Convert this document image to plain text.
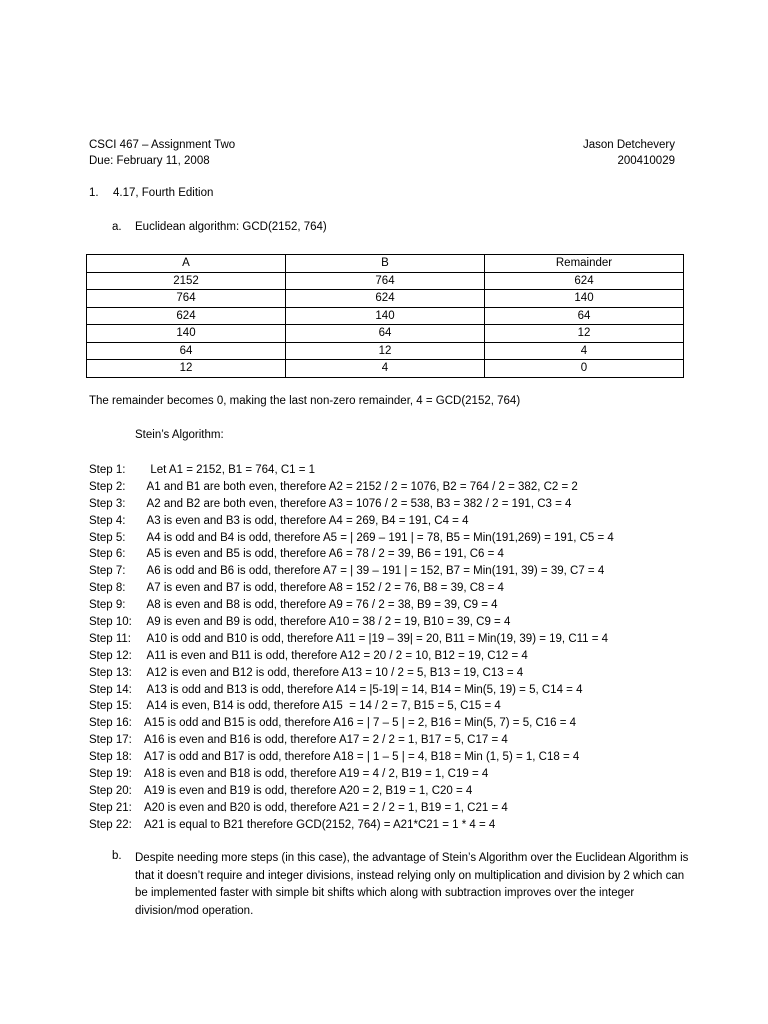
CSCI 467 – Assignment Two
Due: February 11, 2008
Jason Detchevery
200410029
1. 4.17, Fourth Edition
a. Euclidean algorithm: GCD(2152, 764)
A	B	Remainder
2152	764	624
764	624	140
624	140	64
140	64	12
64	12	4
12	4	0
The remainder becomes 0, making the last non-zero remainder, 4 = GCD(2152, 764)
Stein’s Algorithm:
Step 1:	Let A1 = 2152, B1 = 764, C1 = 1
Step 2:	A1 and B1 are both even, therefore A2 = 2152 / 2 = 1076, B2 = 764 / 2 = 382, C2 = 2
Step 3:	A2 and B2 are both even, therefore A3 = 1076 / 2 = 538, B3 = 382 / 2 = 191, C3 = 4
Step 4:	A3 is even and B3 is odd, therefore A4 = 269, B4 = 191, C4 = 4
Step 5:	A4 is odd and B4 is odd, therefore A5 = | 269 – 191 | = 78, B5 = Min(191,269) = 191, C5 = 4
Step 6:	A5 is even and B5 is odd, therefore A6 = 78 / 2 = 39, B6 = 191, C6 = 4
Step 7:	A6 is odd and B6 is odd, therefore A7 = | 39 – 191 | = 152, B7 = Min(191, 39) = 39, C7 = 4
Step 8:	A7 is even and B7 is odd, therefore A8 = 152 / 2 = 76, B8 = 39, C8 = 4
Step 9:	A8 is even and B8 is odd, therefore A9 = 76 / 2 = 38, B9 = 39, C9 = 4
Step 10:	A9 is even and B9 is odd, therefore A10 = 38 / 2 = 19, B10 = 39, C9 = 4
Step 11:	A10 is odd and B10 is odd, therefore A11 = |19 – 39| = 20, B11 = Min(19, 39) = 19, C11 = 4
Step 12:	A11 is even and B11 is odd, therefore A12 = 20 / 2 = 10, B12 = 19, C12 = 4
Step 13:	A12 is even and B12 is odd, therefore A13 = 10 / 2 = 5, B13 = 19, C13 = 4
Step 14:	A13 is odd and B13 is odd, therefore A14 = |5-19| = 14, B14 = Min(5, 19) = 5, C14 = 4
Step 15:	A14 is even, B14 is odd, therefore A15  = 14 / 2 = 7, B15 = 5, C15 = 4
Step 16:	A15 is odd and B15 is odd, therefore A16 = | 7 – 5 | = 2, B16 = Min(5, 7) = 5, C16 = 4
Step 17:	A16 is even and B16 is odd, therefore A17 = 2 / 2 = 1, B17 = 5, C17 = 4
Step 18:	A17 is odd and B17 is odd, therefore A18 = | 1 – 5 | = 4, B18 = Min (1, 5) = 1, C18 = 4
Step 19:	A18 is even and B18 is odd, therefore A19 = 4 / 2, B19 = 1, C19 = 4
Step 20:	A19 is even and B19 is odd, therefore A20 = 2, B19 = 1, C20 = 4
Step 21:	A20 is even and B20 is odd, therefore A21 = 2 / 2 = 1, B19 = 1, C21 = 4
Step 22:	A21 is equal to B21 therefore GCD(2152, 764) = A21*C21 = 1 * 4 = 4
b. Despite needing more steps (in this case), the advantage of Stein’s Algorithm over the Euclidean Algorithm is that it doesn’t require and integer divisions, instead relying only on multiplication and division by 2 which can be implemented faster with simple bit shifts which along with subtraction improves over the integer division/mod operation.
